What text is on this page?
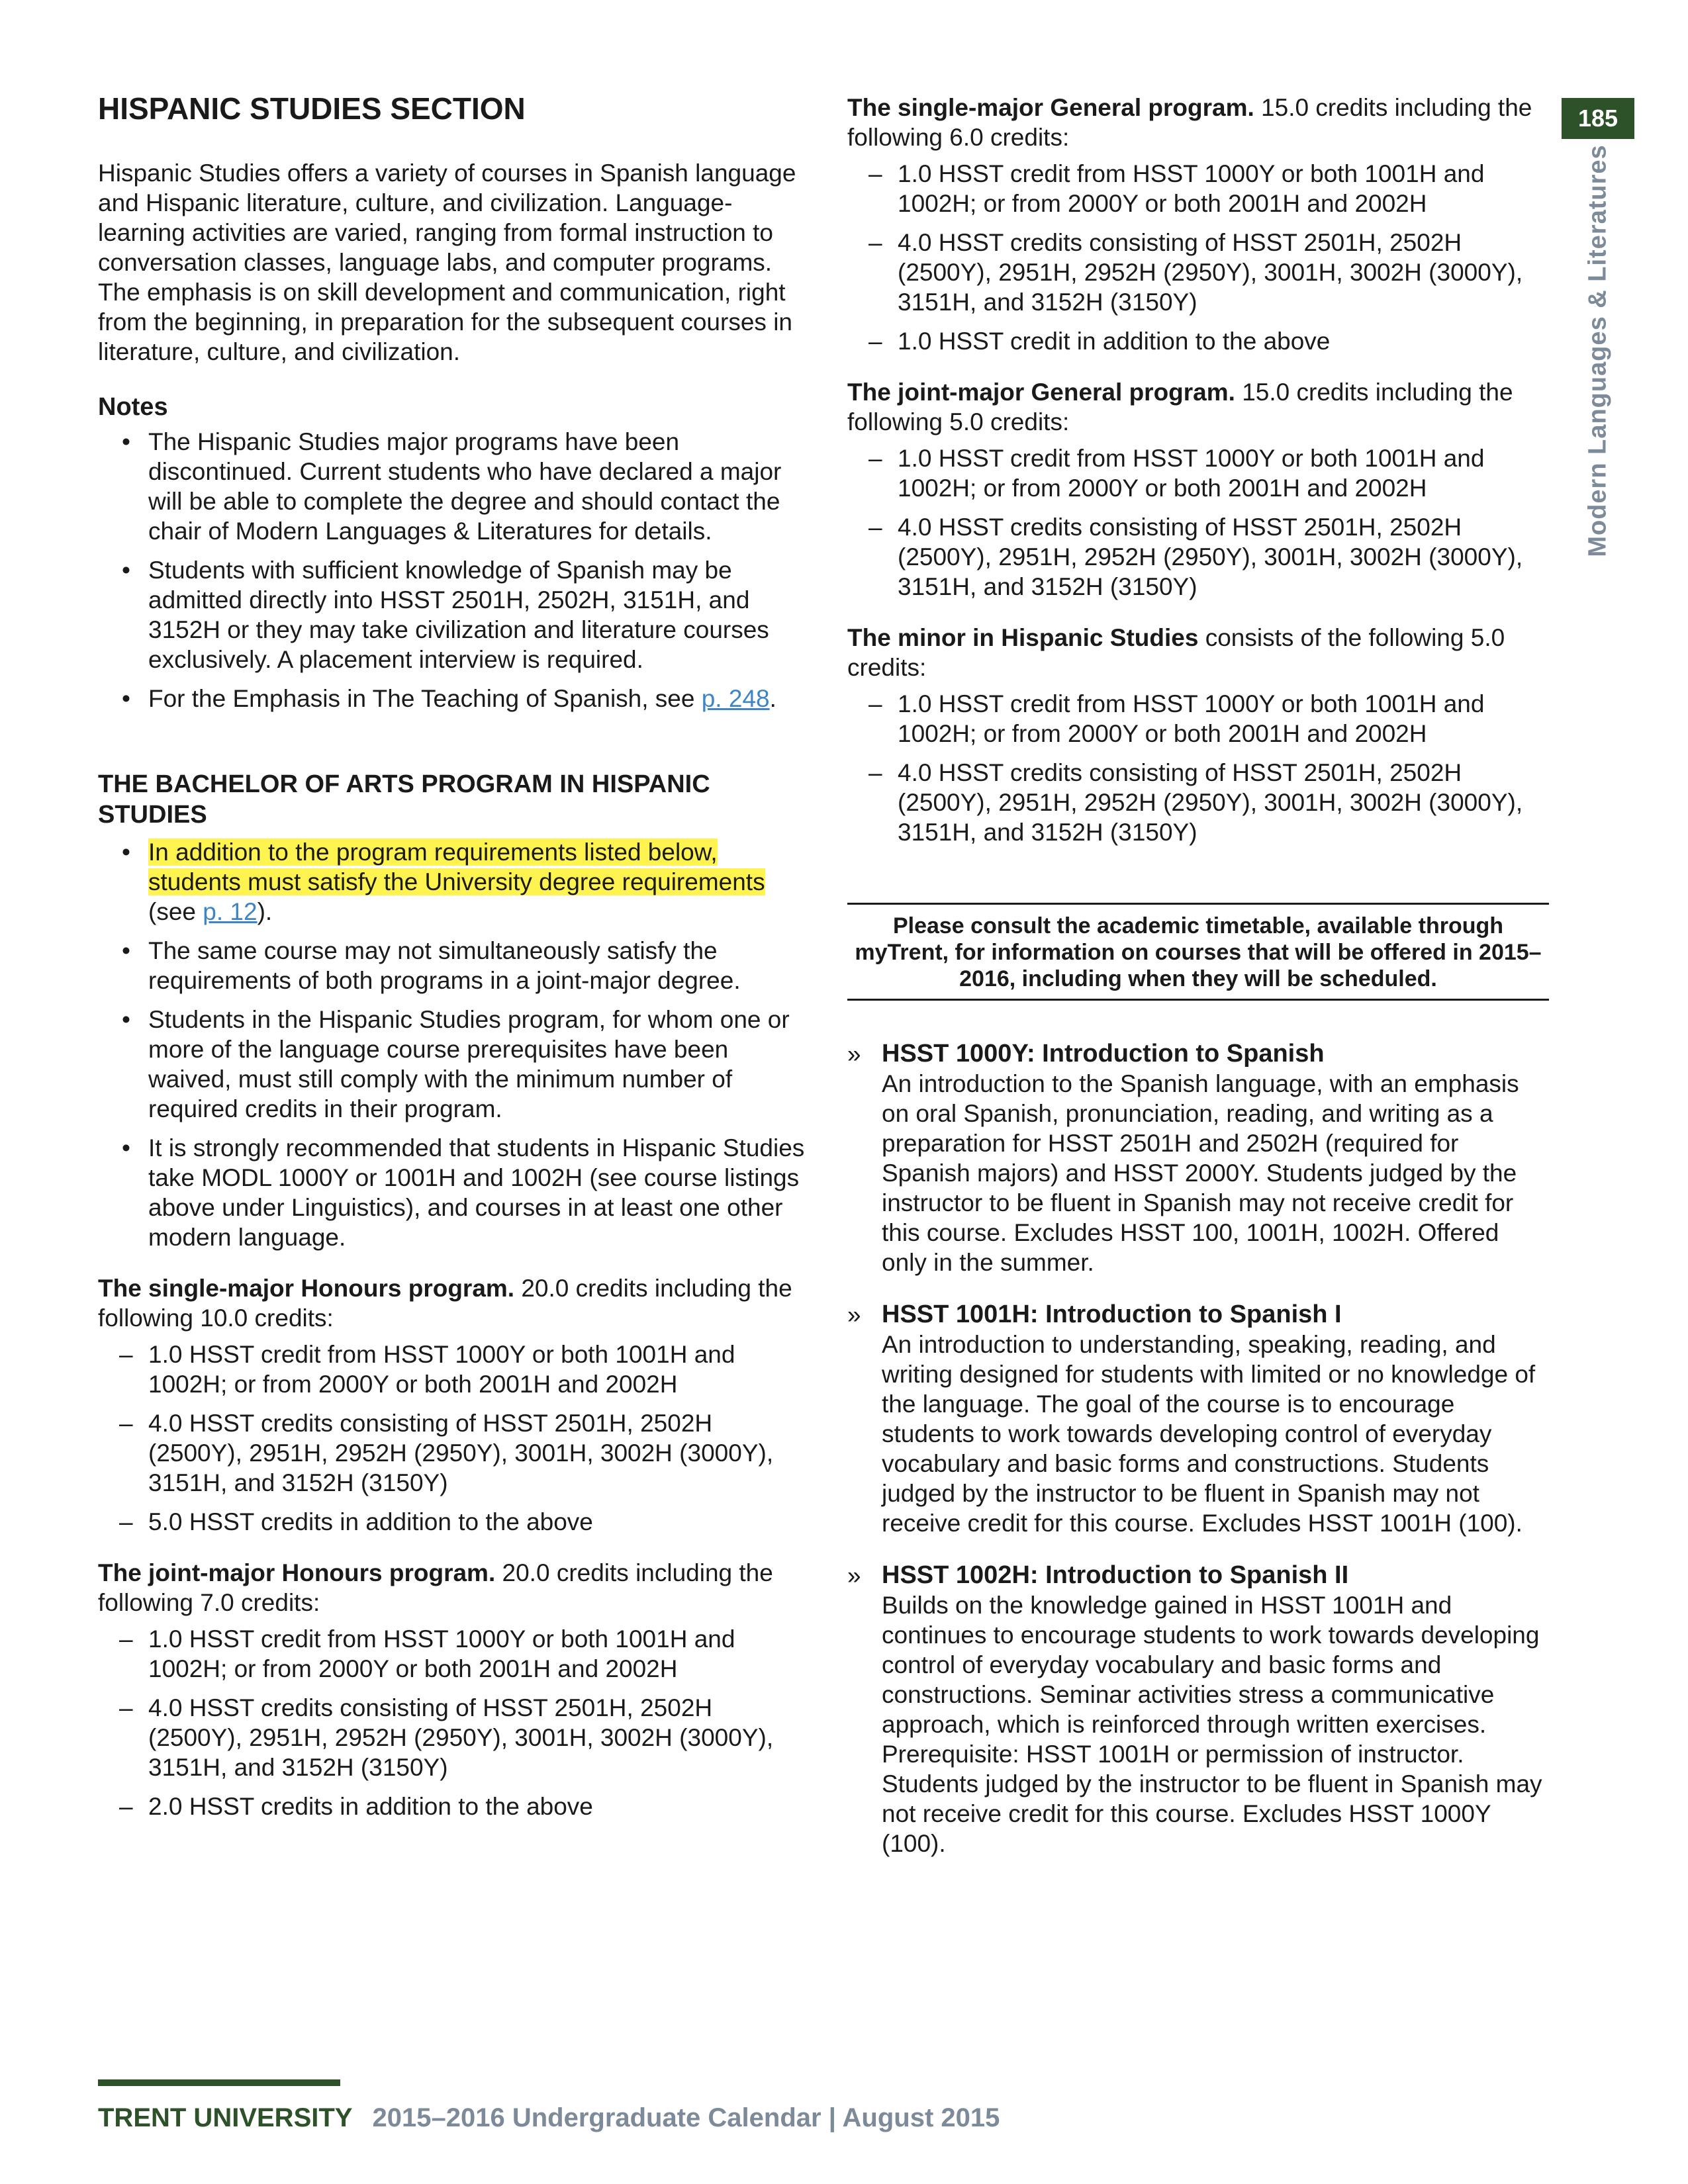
185
Modern Languages & Literatures
HISPANIC STUDIES SECTION

Hispanic Studies offers a variety of courses in Spanish language and Hispanic literature, culture, and civilization. Language-learning activities are varied, ranging from formal instruction to conversation classes, language labs, and computer programs. The emphasis is on skill development and communication, right from the beginning, in preparation for the subsequent courses in literature, culture, and civilization.

Notes
• The Hispanic Studies major programs have been discontinued. Current students who have declared a major will be able to complete the degree and should contact the chair of Modern Languages & Literatures for details.
• Students with sufficient knowledge of Spanish may be admitted directly into HSST 2501H, 2502H, 3151H, and 3152H or they may take civilization and literature courses exclusively. A placement interview is required.
• For the Emphasis in The Teaching of Spanish, see p. 248.
THE BACHELOR OF ARTS PROGRAM IN HISPANIC STUDIES
• In addition to the program requirements listed below, students must satisfy the University degree requirements (see p. 12).
• The same course may not simultaneously satisfy the requirements of both programs in a joint-major degree.
• Students in the Hispanic Studies program, for whom one or more of the language course prerequisites have been waived, must still comply with the minimum number of required credits in their program.
• It is strongly recommended that students in Hispanic Studies take MODL 1000Y or 1001H and 1002H (see course listings above under Linguistics), and courses in at least one other modern language.

The single-major Honours program. 20.0 credits including the following 10.0 credits:

– 1.0 HSST credit from HSST 1000Y or both 1001H and 1002H; or from 2000Y or both 2001H and 2002H
– 4.0 HSST credits consisting of HSST 2501H, 2502H (2500Y), 2951H, 2952H (2950Y), 3001H, 3002H (3000Y), 3151H, and 3152H (3150Y)
– 5.0 HSST credits in addition to the above

The joint-major Honours program. 20.0 credits including the following 7.0 credits:

– 1.0 HSST credit from HSST 1000Y or both 1001H and 1002H; or from 2000Y or both 2001H and 2002H
– 4.0 HSST credits consisting of HSST 2501H, 2502H (2500Y), 2951H, 2952H (2950Y), 3001H, 3002H (3000Y), 3151H, and 3152H (3150Y)
– 2.0 HSST credits in addition to the above

The single-major General program. 15.0 credits including the following 6.0 credits:

– 1.0 HSST credit from HSST 1000Y or both 1001H and 1002H; or from 2000Y or both 2001H and 2002H
– 4.0 HSST credits consisting of HSST 2501H, 2502H (2500Y), 2951H, 2952H (2950Y), 3001H, 3002H (3000Y), 3151H, and 3152H (3150Y)
– 1.0 HSST credit in addition to the above

The joint-major General program. 15.0 credits including the following 5.0 credits:

– 1.0 HSST credit from HSST 1000Y or both 1001H and 1002H; or from 2000Y or both 2001H and 2002H
– 4.0 HSST credits consisting of HSST 2501H, 2502H (2500Y), 2951H, 2952H (2950Y), 3001H, 3002H (3000Y), 3151H, and 3152H (3150Y)

The minor in Hispanic Studies consists of the following 5.0 credits:

– 1.0 HSST credit from HSST 1000Y or both 1001H and 1002H; or from 2000Y or both 2001H and 2002H
– 4.0 HSST credits consisting of HSST 2501H, 2502H (2500Y), 2951H, 2952H (2950Y), 3001H, 3002H (3000Y), 3151H, and 3152H (3150Y)
Please consult the academic timetable, available through myTrent, for information on courses that will be offered in 2015–2016, including when they will be scheduled.
» HSST 1000Y: Introduction to Spanish
An introduction to the Spanish language, with an emphasis on oral Spanish, pronunciation, reading, and writing as a preparation for HSST 2501H and 2502H (required for Spanish majors) and HSST 2000Y. Students judged by the instructor to be fluent in Spanish may not receive credit for this course. Excludes HSST 100, 1001H, 1002H. Offered only in the summer.
» HSST 1001H: Introduction to Spanish I
An introduction to understanding, speaking, reading, and writing designed for students with limited or no knowledge of the language. The goal of the course is to encourage students to work towards developing control of everyday vocabulary and basic forms and constructions. Students judged by the instructor to be fluent in Spanish may not receive credit for this course. Excludes HSST 1001H (100).
» HSST 1002H: Introduction to Spanish II
Builds on the knowledge gained in HSST 1001H and continues to encourage students to work towards developing control of everyday vocabulary and basic forms and constructions. Seminar activities stress a communicative approach, which is reinforced through written exercises. Prerequisite: HSST 1001H or permission of instructor. Students judged by the instructor to be fluent in Spanish may not receive credit for this course. Excludes HSST 1000Y (100).
TRENT UNIVERSITY 2015–2016 Undergraduate Calendar | August 2015
